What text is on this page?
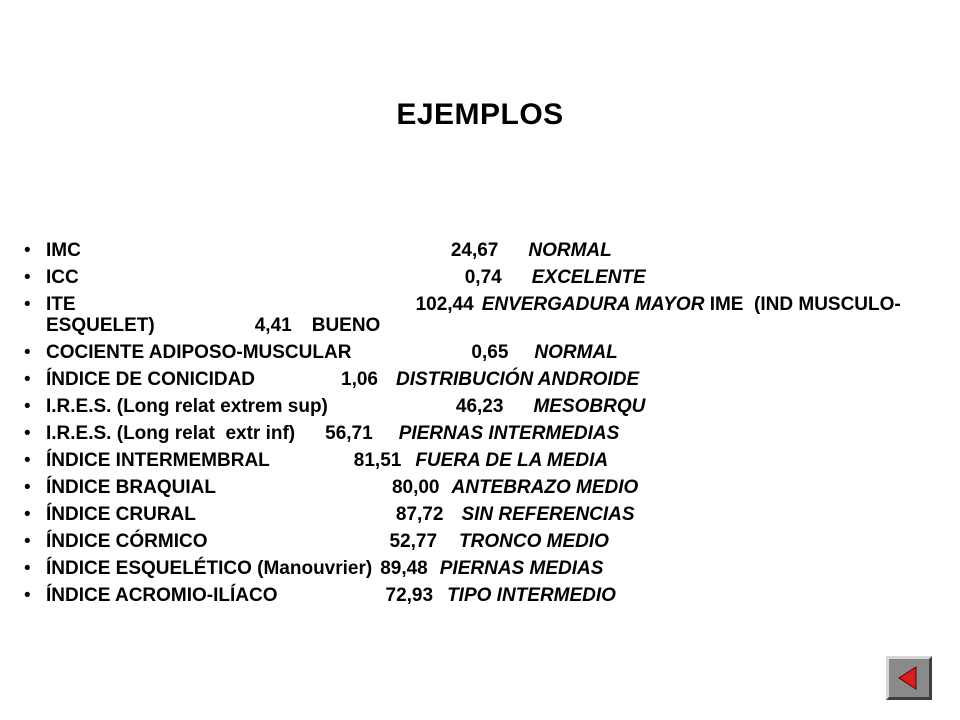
EJEMPLOS
• IMC	24,67 NORMAL
• ICC	0,74 EXCELENTE
• ITE	102,44 ENVERGADURA MAYOR IME  (IND MUSCULO-ESQUELET)	4,41 BUENO
• COCIENTE ADIPOSO-MUSCULAR	0,65 NORMAL
• ÍNDICE DE CONICIDAD	1,06 DISTRIBUCIÓN ANDROIDE
• I.R.E.S. (Long relat extrem sup)	46,23 MESOBRQU
• I.R.E.S. (Long relat  extr inf) 56,71 PIERNAS INTERMEDIAS
• ÍNDICE INTERMEMBRAL	81,51 FUERA DE LA MEDIA
• ÍNDICE BRAQUIAL	80,00 ANTEBRAZO MEDIO
• ÍNDICE CRURAL	87,72 SIN REFERENCIAS
• ÍNDICE CÓRMICO	52,77 TRONCO MEDIO
• ÍNDICE ESQUELÉTICO (Manouvrier) 89,48 PIERNAS MEDIAS
• ÍNDICE ACROMIO-ILÍACO	72,93 TIPO INTERMEDIO
